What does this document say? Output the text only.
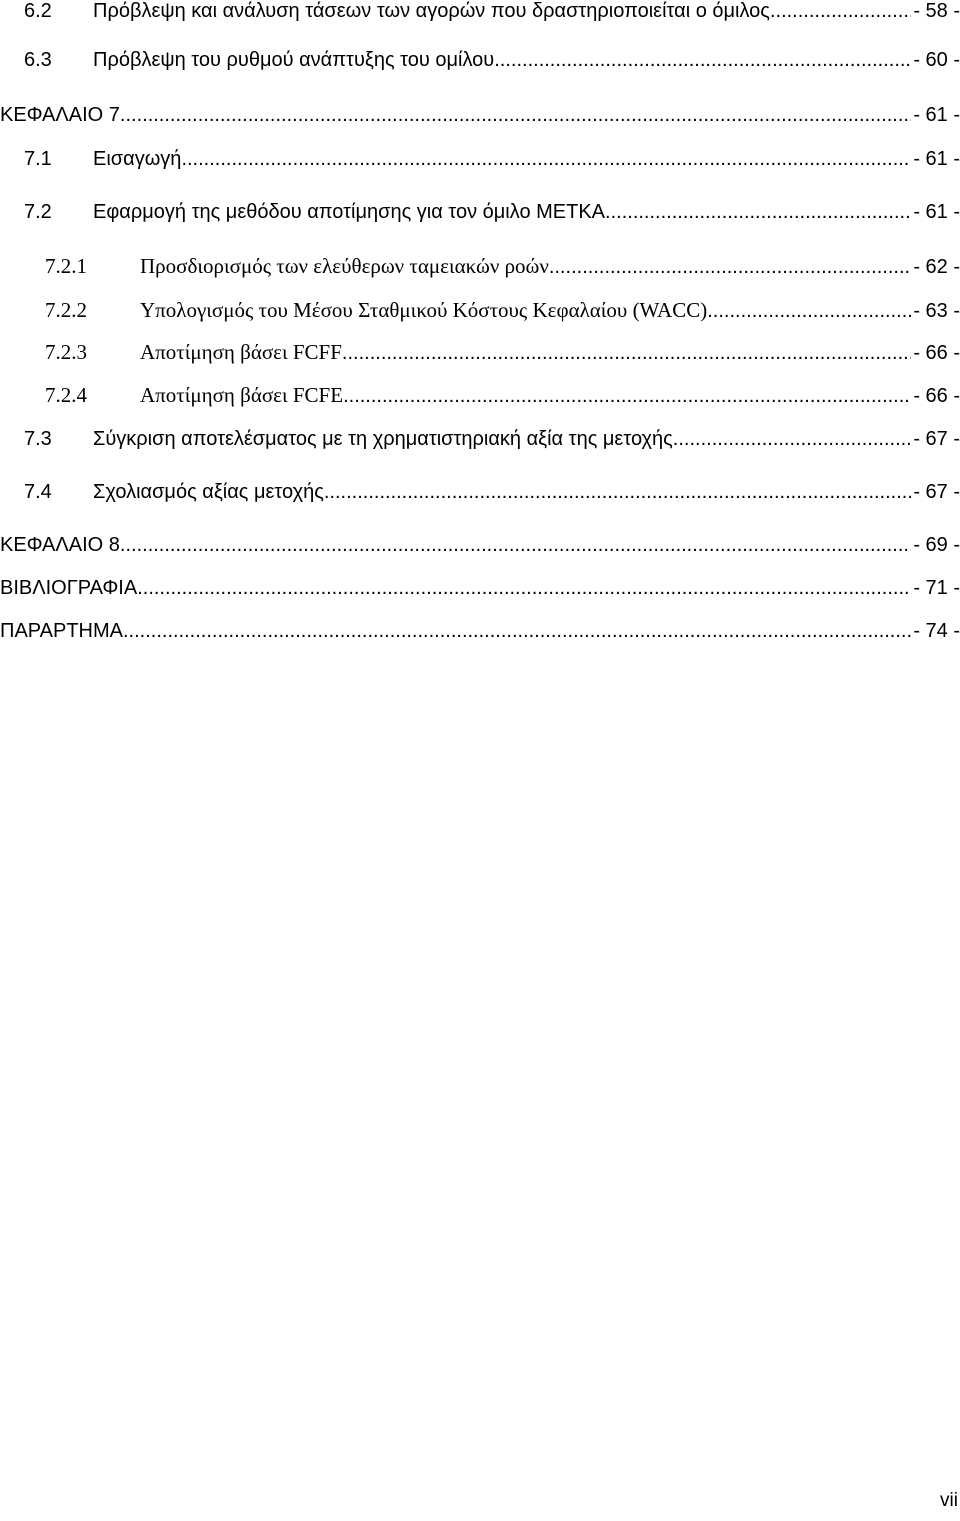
6.2 Πρόβλεψη και ανάλυση τάσεων των αγορών που δραστηριοποιείται ο όμιλος .....	- 58 -
6.3 Πρόβλεψη του ρυθμού ανάπτυξης του ομίλου .....	- 60 -
ΚΕΦΑΛΑΙΟ 7 .....	- 61 -
7.1 Εισαγωγή .....	- 61 -
7.2 Εφαρμογή της μεθόδου αποτίμησης για τον όμιλο ΜΕΤΚΑ .....	- 61 -
7.2.1	Προσδιορισμός των ελεύθερων ταμειακών ροών .....	- 62 -
7.2.2	Υπολογισμός του Μέσου Σταθμικού Κόστους Κεφαλαίου (WACC) .....	- 63 -
7.2.3	Αποτίμηση βάσει FCFF .....	- 66 -
7.2.4	Αποτίμηση βάσει FCFE .....	- 66 -
7.3 Σύγκριση αποτελέσματος με τη χρηματιστηριακή αξία της μετοχής .....	- 67 -
7.4 Σχολιασμός αξίας μετοχής .....	- 67 -
ΚΕΦΑΛΑΙΟ 8 .....	- 69 -
ΒΙΒΛΙΟΓΡΑΦΙΑ .....	- 71 -
ΠΑΡΑΡΤΗΜΑ .....	- 74 -
vii
